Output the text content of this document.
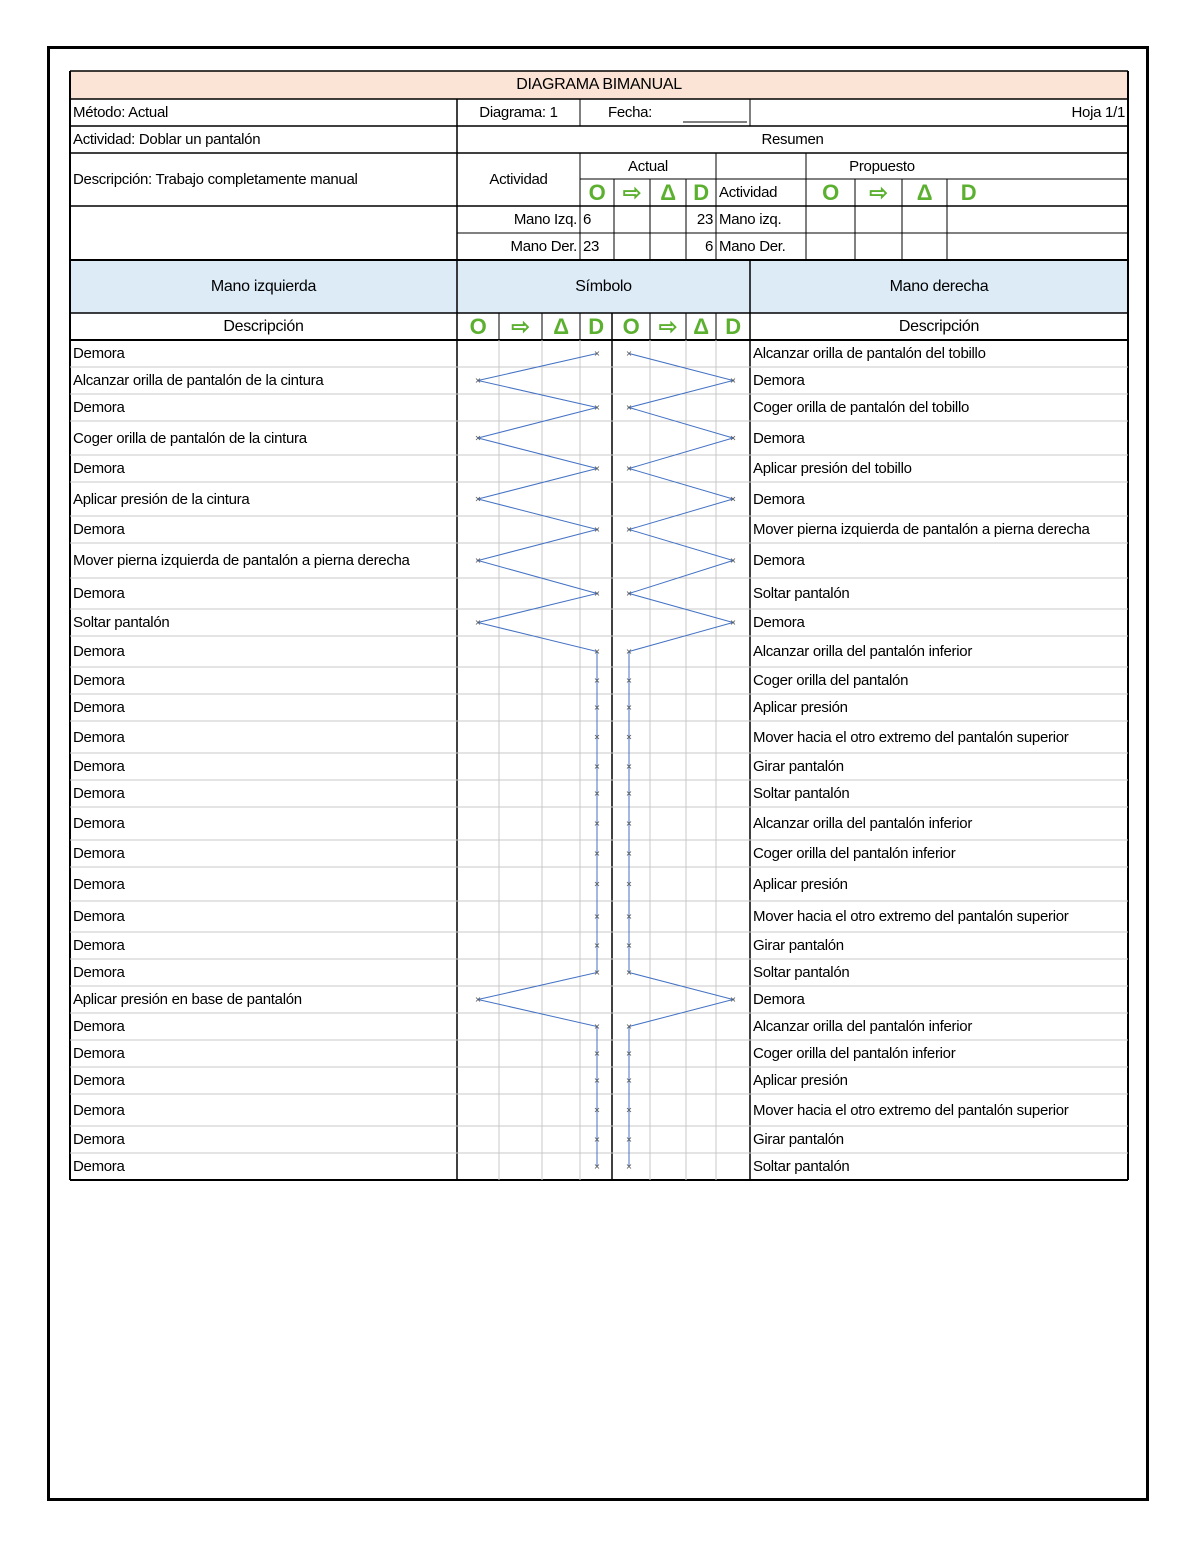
DIAGRAMA BIMANUAL
Método: Actual	Diagrama: 1	Fecha:	Hoja 1/1
Actividad: Doblar un pantalón	Resumen
Descripción: Trabajo completamente manual	Actividad
Actual	Propuesto
Actividad
O ⇨ Δ D	O	⇨	Δ	D
Mano Izq. 6	23 Mano izq.
Mano Der. 23	6 Mano Der.
Mano izquierda	Símbolo	Mano derecha
Descripción	Descripción
O	⇨	Δ D O ⇨ Δ D
Demora	Alcanzar orilla de pantalón del tobillo
Alcanzar orilla de pantalón de la cintura	Demora
Demora	Coger orilla de pantalón del tobillo
Coger orilla de pantalón de la cintura	Demora
Demora	Aplicar presión del tobillo
Aplicar presión de la cintura	Demora
Demora	Mover pierna izquierda de pantalón a pierna derecha
Mover pierna izquierda de pantalón a pierna derecha	Demora
Demora	Soltar pantalón
Soltar pantalón	Demora
Demora	Alcanzar orilla del pantalón inferior
Demora	Coger orilla del pantalón
Demora	Aplicar presión
Demora	Mover hacia el otro extremo del pantalón superior
Demora	Girar pantalón
Demora	Soltar pantalón
Demora	Alcanzar orilla del pantalón inferior
Demora	Coger orilla del pantalón inferior
Demora	Aplicar presión
Demora	Mover hacia el otro extremo del pantalón superior
Demora	Girar pantalón
Demora	Soltar pantalón
Aplicar presión en base de pantalón	Demora
Demora	Alcanzar orilla del pantalón inferior
Demora	Coger orilla del pantalón inferior
Demora	Aplicar presión
Demora	Mover hacia el otro extremo del pantalón superior
Demora	Girar pantalón
Demora	Soltar pantalón
